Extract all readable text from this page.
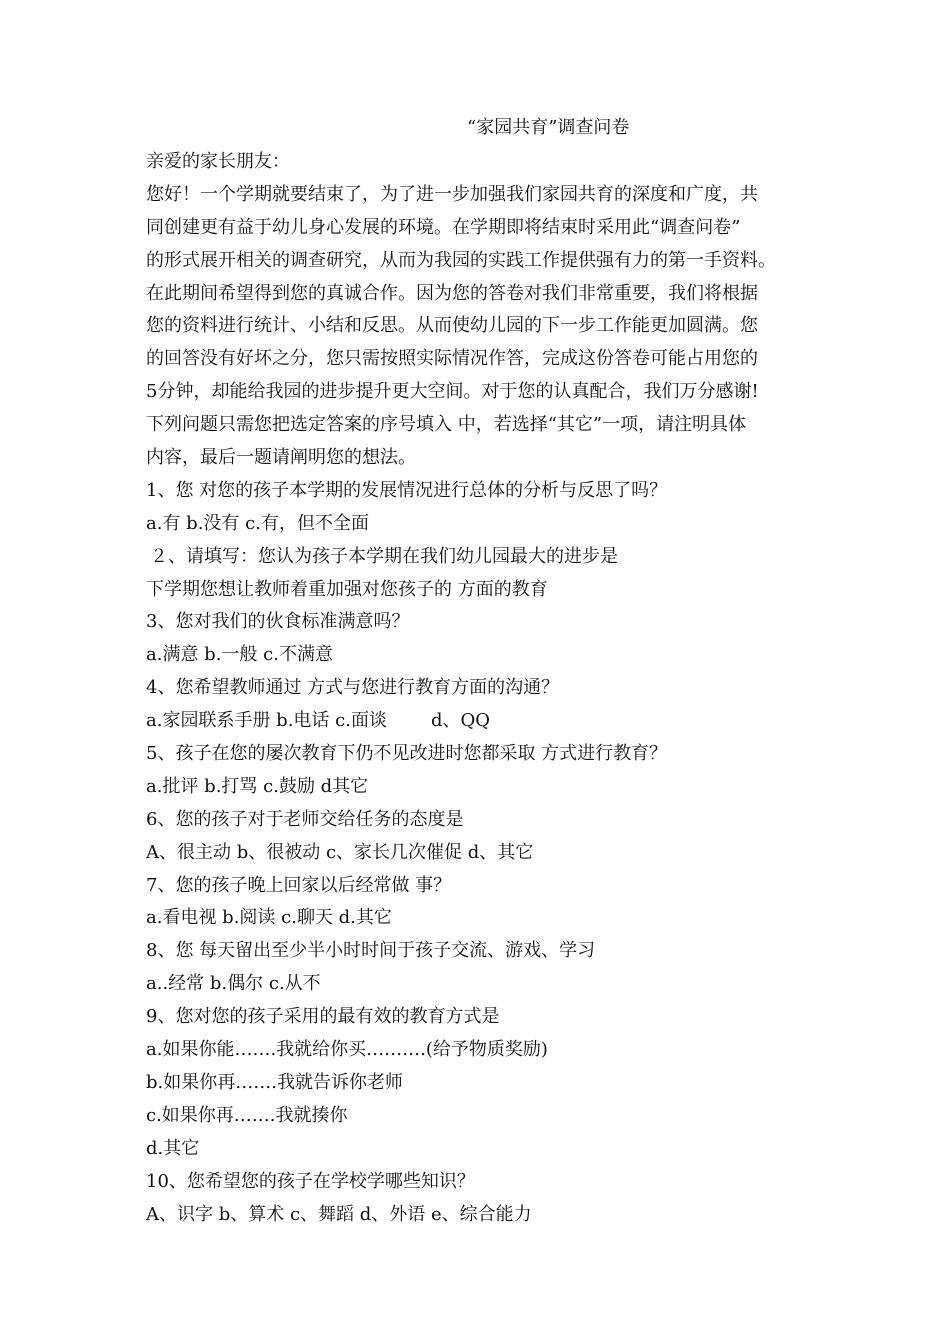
“家园共育”调查问卷
亲爱的家长朋友：
您好！一个学期就要结束了，为了进一步加强我们家园共育的深度和广度，共
同创建更有益于幼儿身心发展的环境。在学期即将结束时采用此“调查问卷”
的形式展开相关的调查研究，从而为我园的实践工作提供强有力的第一手资料。
在此期间希望得到您的真诚合作。因为您的答卷对我们非常重要，我们将根据
您的资料进行统计、小结和反思。从而使幼儿园的下一步工作能更加圆满。您
的回答没有好坏之分，您只需按照实际情况作答，完成这份答卷可能占用您的
5分钟，却能给我园的进步提升更大空间。对于您的认真配合，我们万分感谢!
下列问题只需您把选定答案的序号填入 中，若选择“其它”一项，请注明具体
内容，最后一题请阐明您的想法。
1、您 对您的孩子本学期的发展情况进行总体的分析与反思了吗？
a.有 b.没有 c.有，但不全面
２、请填写：您认为孩子本学期在我们幼儿园最大的进步是
下学期您想让教师着重加强对您孩子的 方面的教育
3、您对我们的伙食标准满意吗？
a.满意 b.一般 c.不满意
4、您希望教师通过 方式与您进行教育方面的沟通？
a.家园联系手册 b.电话 c.面谈 d、QQ
5、孩子在您的屡次教育下仍不见改进时您都采取 方式进行教育？
a.批评 b.打骂 c.鼓励 d其它
6、您的孩子对于老师交给任务的态度是
A、很主动 b、很被动 c、家长几次催促 d、其它
7、您的孩子晚上回家以后经常做 事？
a.看电视 b.阅读 c.聊天 d.其它
8、您 每天留出至少半小时时间于孩子交流、游戏、学习
a..经常 b.偶尔 c.从不
9、您对您的孩子采用的最有效的教育方式是
a.如果你能…….我就给你买……….(给予物质奖励)
b.如果你再…….我就告诉你老师
c.如果你再…….我就揍你
d.其它
10、您希望您的孩子在学校学哪些知识？
A、识字 b、算术 c、舞蹈 d、外语 e、综合能力
